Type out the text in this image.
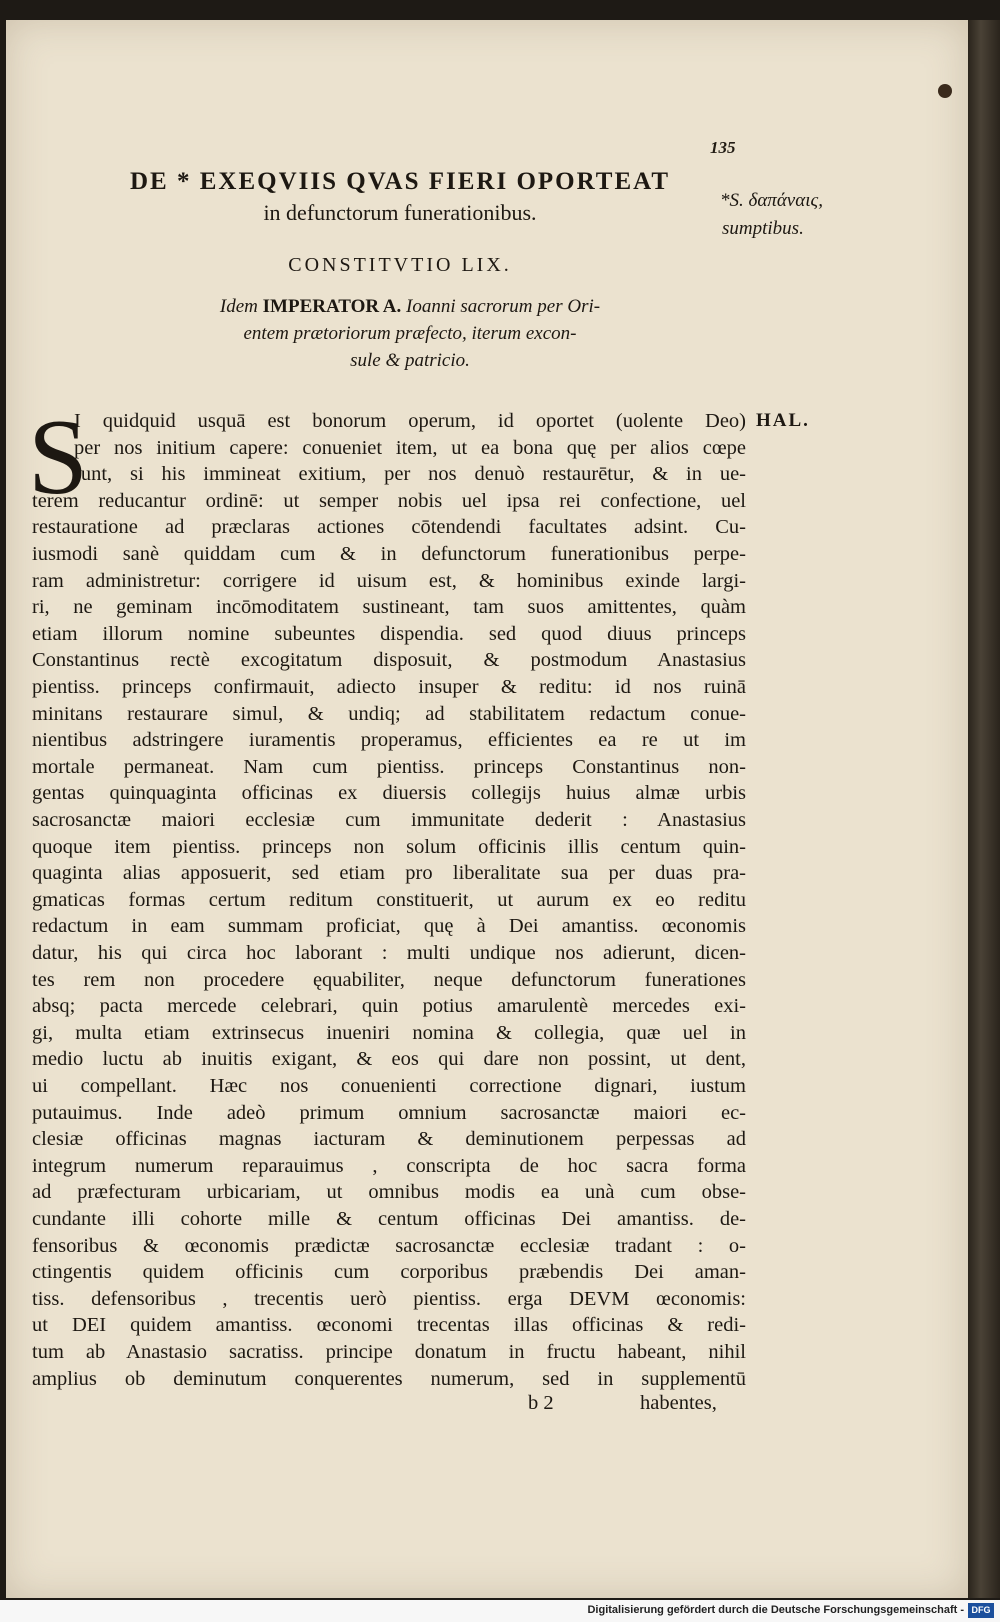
135
DE * EXEQVIIS QVAS FIERI OPORTEAT
in defunctorum funerationibus.
CONSTITVTIO LIX.
Idem IMPERATOR A. Ioanni sacrorum per Ori-
entem prætoriorum præfecto, iterum excon-
sule & patricio.
*S. δαπάναις,
sumptibus.
HAL.
S
I quidquid usquā est bonorum operum, id oportet (uolente Deo)
per nos initium capere: conueniet item, ut ea bona quę per alios cœpe
runt, si his immineat exitium, per nos denuò restaurētur, & in ue-
terem reducantur ordinē: ut semper nobis uel ipsa rei confectione, uel
restauratione ad præclaras actiones cōtendendi facultates adsint. Cu-
iusmodi sanè quiddam cum & in defunctorum funerationibus perpe-
ram administretur: corrigere id uisum est, & hominibus exinde largi-
ri, ne geminam incōmoditatem sustineant, tam suos amittentes, quàm
etiam illorum nomine subeuntes dispendia. sed quod diuus princeps
Constantinus rectè excogitatum disposuit, & postmodum Anastasius
pientiss. princeps confirmauit, adiecto insuper & reditu: id nos ruinā
minitans restaurare simul, & undiq; ad stabilitatem redactum conue-
nientibus adstringere iuramentis properamus, efficientes ea re ut im
mortale permaneat. Nam cum pientiss. princeps Constantinus non-
gentas quinquaginta officinas ex diuersis collegijs huius almæ urbis
sacrosanctæ maiori ecclesiæ cum immunitate dederit : Anastasius
quoque item pientiss. princeps non solum officinis illis centum quin-
quaginta alias apposuerit, sed etiam pro liberalitate sua per duas pra-
gmaticas formas certum reditum constituerit, ut aurum ex eo reditu
redactum in eam summam proficiat, quę à Dei amantiss. œconomis
datur, his qui circa hoc laborant : multi undique nos adierunt, dicen-
tes rem non procedere ęquabiliter, neque defunctorum funerationes
absq; pacta mercede celebrari, quin potius amarulentè mercedes exi-
gi, multa etiam extrinsecus inueniri nomina & collegia, quæ uel in
medio luctu ab inuitis exigant, & eos qui dare non possint, ut dent,
ui compellant. Hæc nos conuenienti correctione dignari, iustum
putauimus. Inde adeò primum omnium sacrosanctæ maiori ec-
clesiæ officinas magnas iacturam & deminutionem perpessas ad
integrum numerum reparauimus , conscripta de hoc sacra forma
ad præfecturam urbicariam, ut omnibus modis ea unà cum obse-
cundante illi cohorte mille & centum officinas Dei amantiss. de-
fensoribus & œconomis prædictæ sacrosanctæ ecclesiæ tradant : o-
ctingentis quidem officinis cum corporibus præbendis Dei aman-
tiss. defensoribus , trecentis uerò pientiss. erga DEVM œconomis:
ut DEI quidem amantiss. œconomi trecentas illas officinas & redi-
tum ab Anastasio sacratiss. principe donatum in fructu habeant, nihil
amplius ob deminutum conquerentes numerum, sed in supplementū
b 2	habentes,
Digitalisierung gefördert durch die Deutsche Forschungsgemeinschaft - DFG
